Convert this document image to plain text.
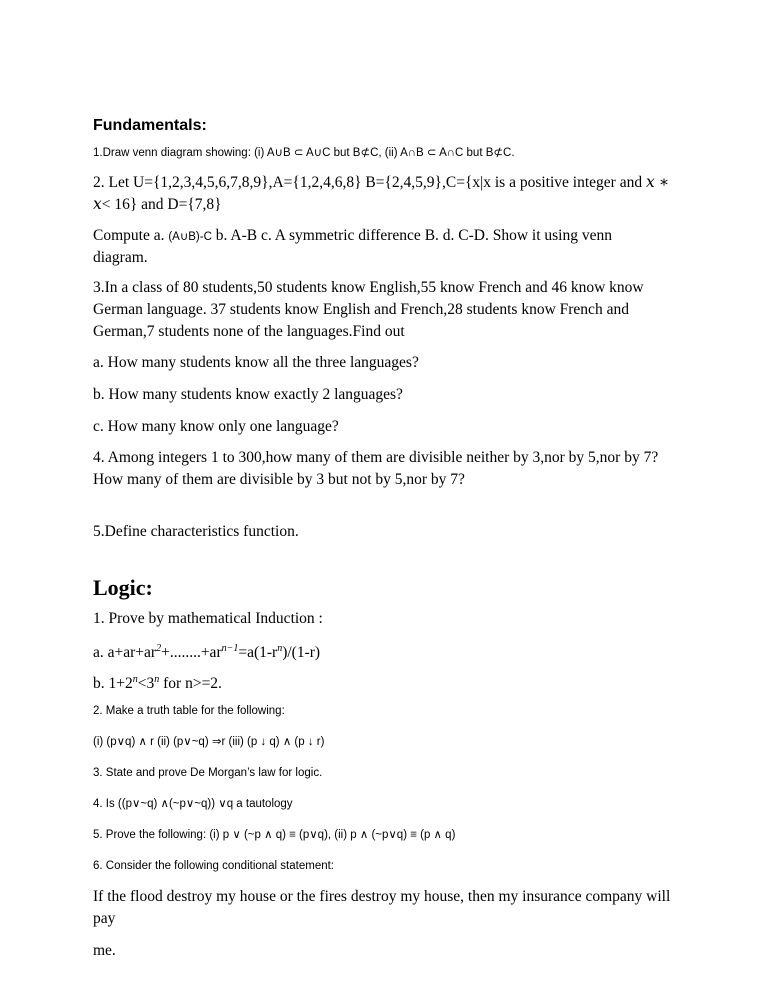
Fundamentals:
1.Draw venn diagram showing: (i) A∪B ⊂ A∪C but B⊄C, (ii) A∩B ⊂ A∩C but B⊄C.
2. Let U={1,2,3,4,5,6,7,8,9},A={1,2,4,6,8} B={2,4,5,9},C={x|x is a positive integer and 𝑥 ∗
𝑥< 16} and D={7,8}
Compute a. (A∪B)-C b. A-B c. A symmetric difference B. d. C-D. Show it using venn
diagram.
3.In a class of 80 students,50 students know English,55 know French and 46 know know
German language. 37 students know English and French,28 students know French and
German,7 students none of the languages.Find out
a. How many students know all the three languages?
b. How many students know exactly 2 languages?
c. How many know only one language?
4. Among integers 1 to 300,how many of them are divisible neither by 3,nor by 5,nor by 7?
How many of them are divisible by 3 but not by 5,nor by 7?
5.Define characteristics function.
Logic:
1. Prove by mathematical Induction :
a. $a+ar+ar^2+........+ar^{n-1}=a(1-r^n)/(1-r)$
b. $1+2^n<3^n$ for n>=2.
2. Make a truth table for the following:
(i) (p∨q) ∧ r (ii) (p∨~q) ⇒r (iii) (p ↓ q) ∧ (p ↓ r)
3. State and prove De Morgan’s law for logic.
4. Is ((p∨~q) ∧(~p∨~q)) ∨q a tautology
5. Prove the following: (i) p ∨ (~p ∧ q) ≡ (p∨q), (ii) p ∧ (~p∨q) ≡ (p ∧ q)
6. Consider the following conditional statement:
If the flood destroy my house or the fires destroy my house, then my insurance company will
pay
me.
